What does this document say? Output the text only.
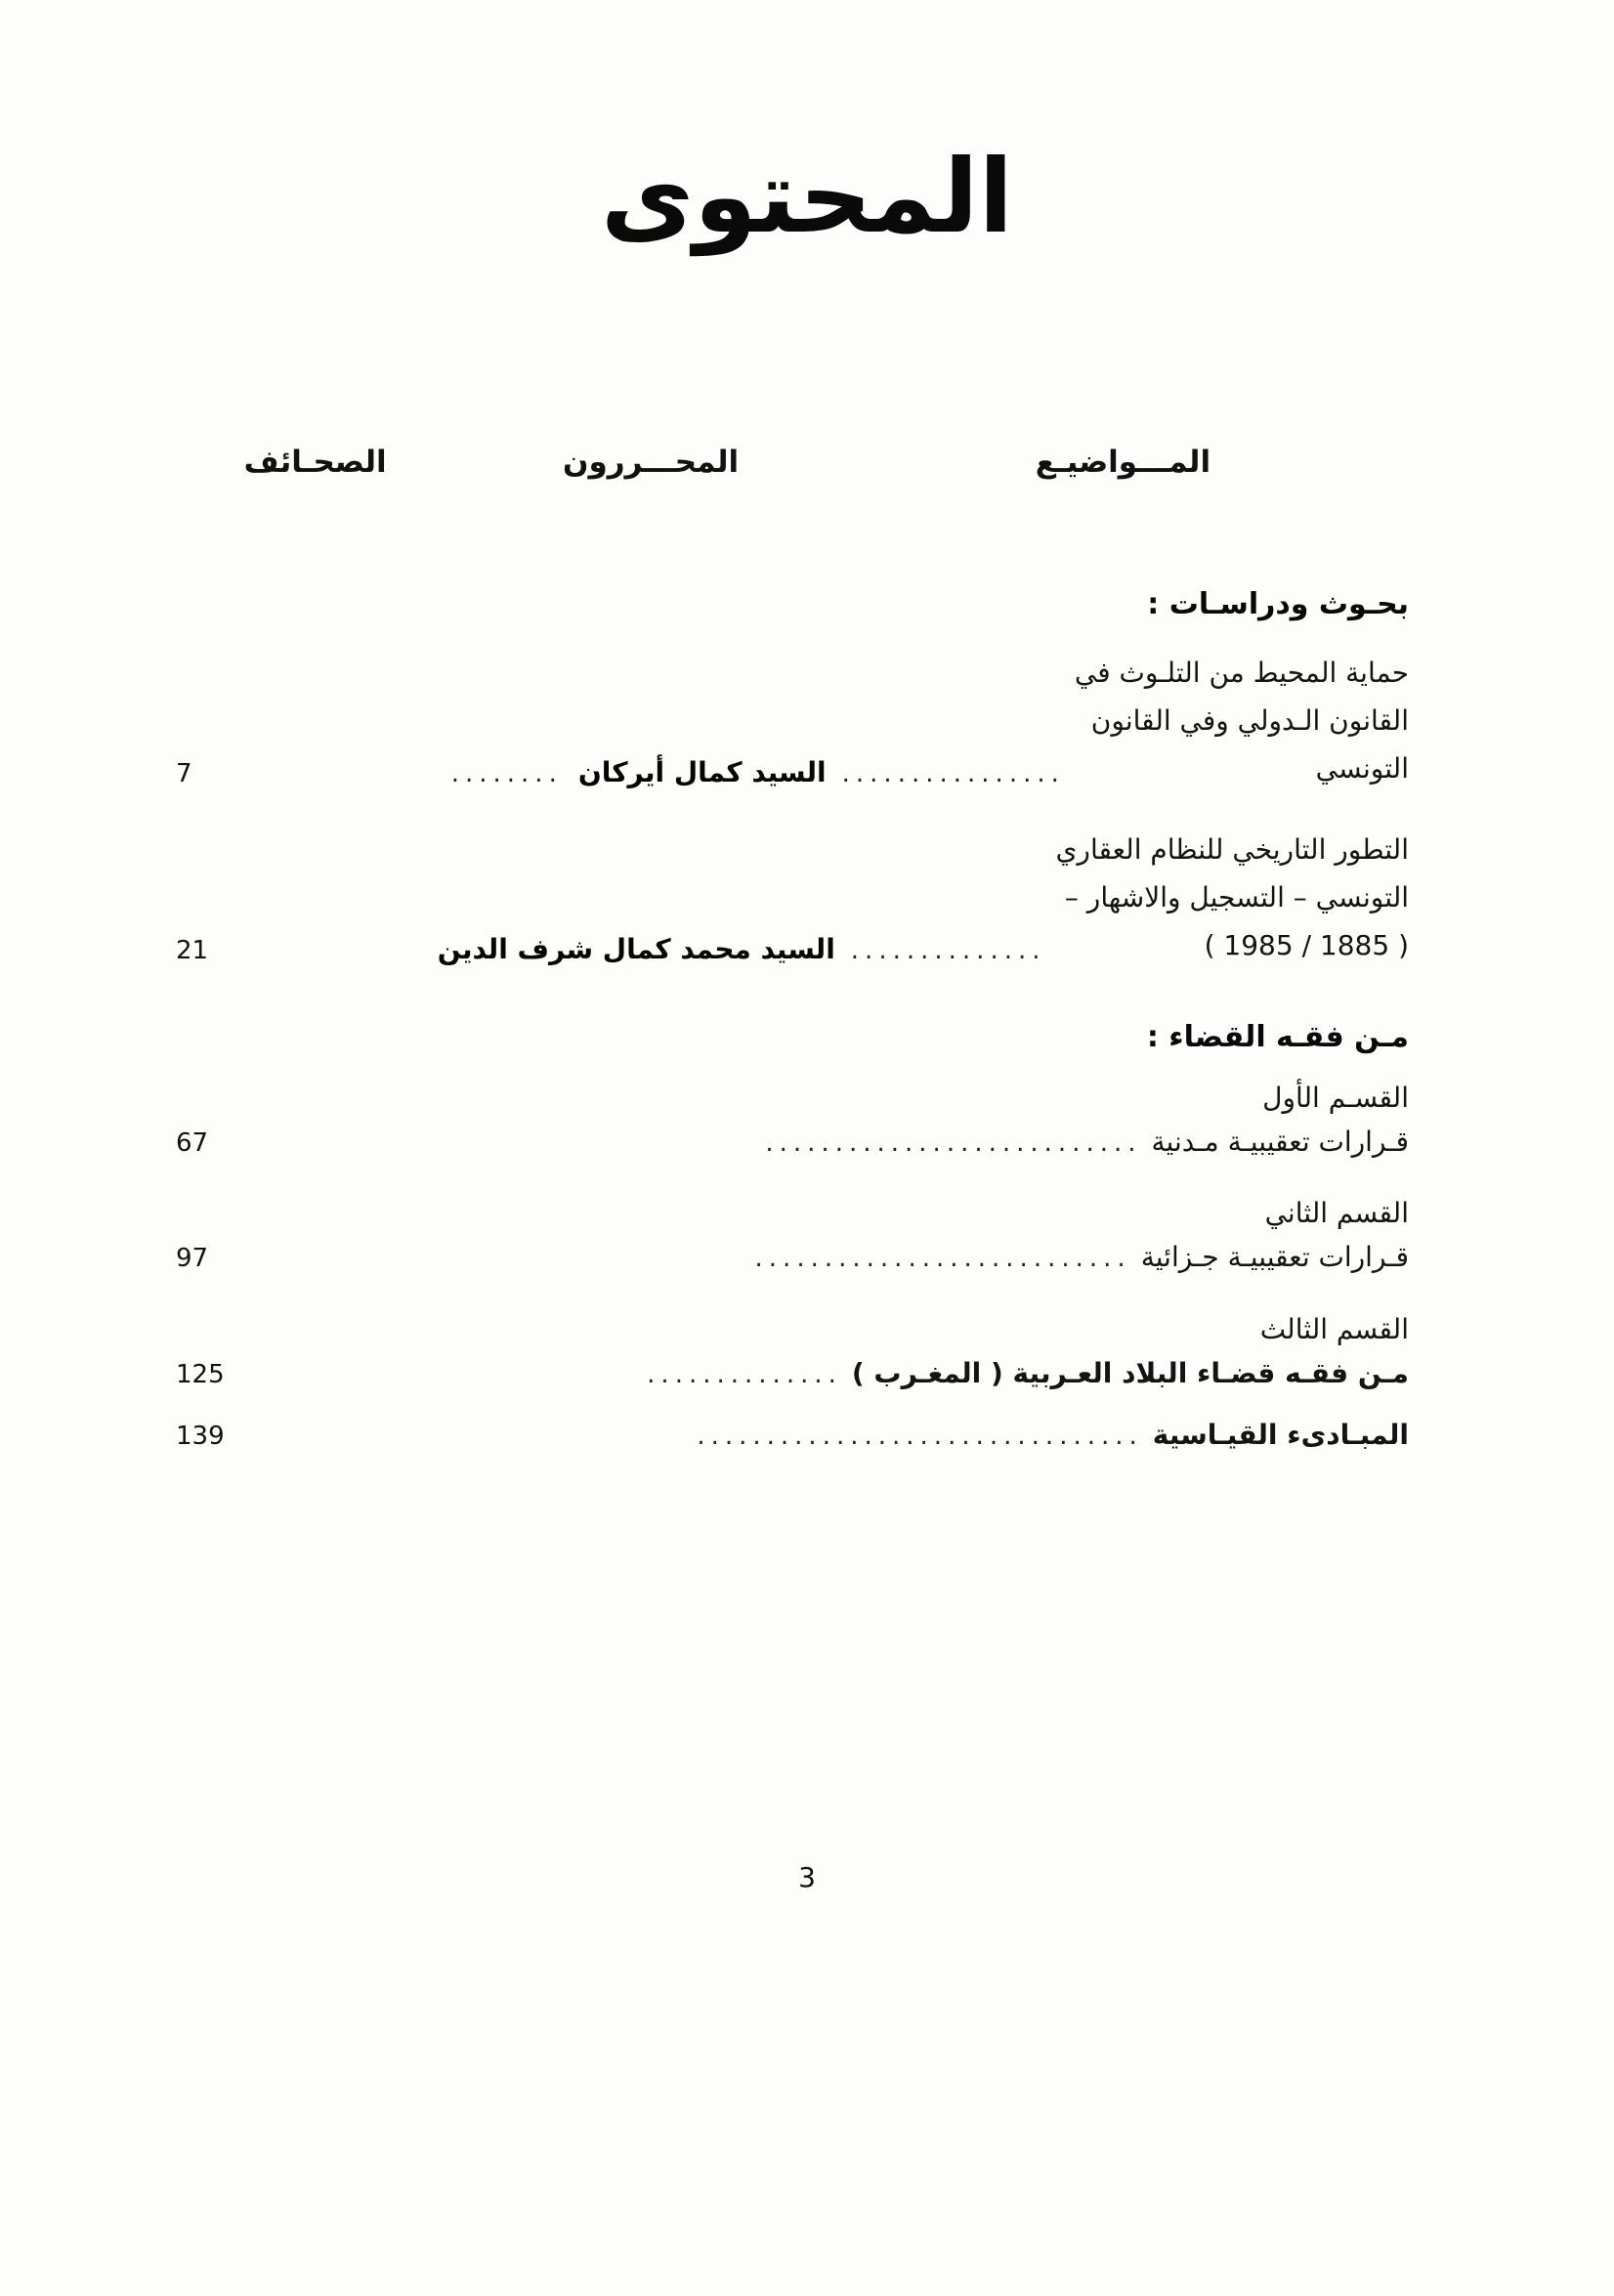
المحتوى
المـــواضيـع
المحـــررون
الصحـائف
بحـوث ودراسـات :
حماية المحيط من التلـوث في
القانون الـدولي وفي القانون
التونسي
................
السيد كمال أيركان
........
7
التطور التاريخي للنظام العقاري
التونسي – التسجيل والاشهار –
( 1885 / 1985 )
..............
السيد محمد كمال شرف الدين
21
مـن فقـه القضاء :
القسـم الأول
قـرارات تعقيبيـة مـدنية
...........................
67
القسم الثاني
قـرارات تعقيبيـة جـزائية
...........................
97
القسم الثالث
مـن فقـه قضـاء البلاد العـربية ( المغـرب )
..............
125
المبـادىء القيـاسية
................................
139
3
